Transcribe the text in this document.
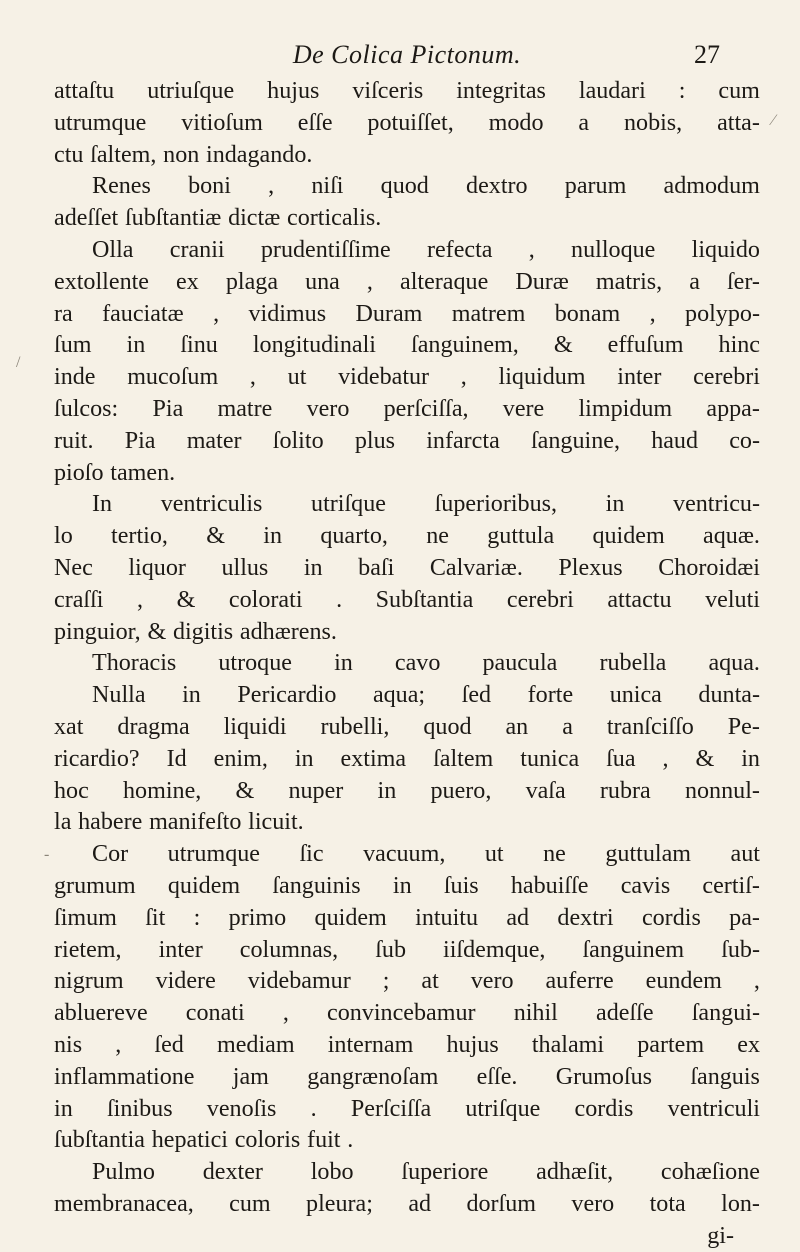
De Colica Pictonum.	27
attaſtu utriuſque hujus viſceris integritas laudari : cum
utrumque vitioſum eſſe potuiſſet, modo a nobis, atta-
ctu ſaltem, non indagando.
Renes boni , niſi quod dextro parum admodum
adeſſet ſubſtantiæ dictæ corticalis.
Olla cranii prudentiſſime refecta , nulloque liquido
extollente ex plaga una , alteraque Duræ matris, a ſer-
ra fauciatæ , vidimus Duram matrem bonam , polypo-
ſum in ſinu longitudinali ſanguinem, & effuſum hinc
inde mucoſum , ut videbatur , liquidum inter cerebri
ſulcos: Pia matre vero perſciſſa, vere limpidum appa-
ruit. Pia mater ſolito plus infarcta ſanguine, haud co-
pioſo tamen.
In ventriculis utriſque ſuperioribus, in ventricu-
lo tertio, & in quarto, ne guttula quidem aquæ.
Nec liquor ullus in baſi Calvariæ. Plexus Choroidæi
craſſi , & colorati . Subſtantia cerebri attactu veluti
pinguior, & digitis adhærens.
Thoracis utroque in cavo paucula rubella aqua.
Nulla in Pericardio aqua; ſed forte unica dunta-
xat dragma liquidi rubelli, quod an a tranſciſſo Pe-
ricardio? Id enim, in extima ſaltem tunica ſua , & in
hoc homine, & nuper in puero, vaſa rubra nonnul-
la habere manifeſto licuit.
Cor utrumque ſic vacuum, ut ne guttulam aut
grumum quidem ſanguinis in ſuis habuiſſe cavis certiſ-
ſimum ſit : primo quidem intuitu ad dextri cordis pa-
rietem, inter columnas, ſub iiſdemque, ſanguinem ſub-
nigrum videre videbamur ; at vero auferre eundem ,
abluereve conati , convincebamur nihil adeſſe ſangui-
nis , ſed mediam internam hujus thalami partem ex
inflammatione jam gangrænoſam eſſe. Grumoſus ſanguis
in ſinibus venoſis . Perſciſſa utriſque cordis ventriculi
ſubſtantia hepatici coloris fuit .
Pulmo dexter lobo ſuperiore adhæſit, cohæſione
membranacea, cum pleura; ad dorſum vero tota lon-
gi-
⁄
/
-
